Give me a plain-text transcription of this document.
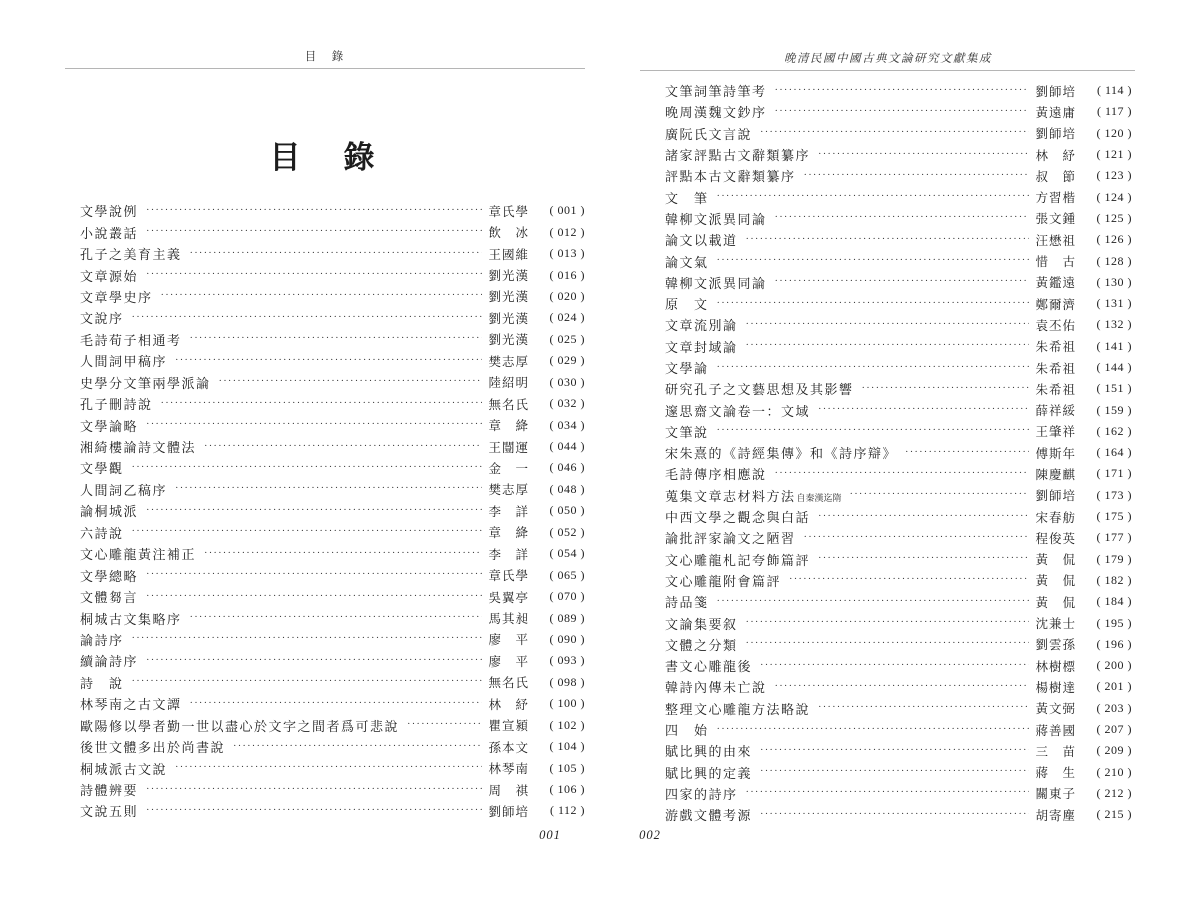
目　錄
目　錄
文學說例 ·····	章氏學	( 001 )
小說叢話 ·····	飲　冰	( 012 )
孔子之美育主義 ·····	王國維	( 013 )
文章源始 ·····	劉光漢	( 016 )
文章學史序 ·····	劉光漢	( 020 )
文說序 ·····	劉光漢	( 024 )
毛詩荀子相通考 ·····	劉光漢	( 025 )
人間詞甲稿序 ·····	樊志厚	( 029 )
史學分文筆兩學派論 ·····	陸紹明	( 030 )
孔子刪詩說 ·····	無名氏	( 032 )
文學論略 ·····	章　絳	( 034 )
湘綺樓論詩文體法 ·····	王闓運	( 044 )
文學觀 ·····	金　一	( 046 )
人間詞乙稿序 ·····	樊志厚	( 048 )
論桐城派 ·····	李　詳	( 050 )
六詩說 ·····	章　絳	( 052 )
文心雕龍黃注補正 ·····	李　詳	( 054 )
文學總略 ·····	章氏學	( 065 )
文體芻言 ·····	吳翼亭	( 070 )
桐城古文集略序 ·····	馬其昶	( 089 )
論詩序 ·····	廖　平	( 090 )
續論詩序 ·····	廖　平	( 093 )
詩　說 ·····	無名氏	( 098 )
林琴南之古文譚 ·····	林　紓	( 100 )
歐陽修以學者勤一世以盡心於文字之間者爲可悲說 ·····	瞿宣潁	( 102 )
後世文體多出於尚書說 ·····	孫本文	( 104 )
桐城派古文說 ·····	林琴南	( 105 )
詩體辨要 ·····	周　祺	( 106 )
文說五則 ·····	劉師培	( 112 )
001
晚清民國中國古典文論研究文獻集成
文筆詞筆詩筆考 ·····	劉師培	( 114 )
晚周漢魏文鈔序 ·····	黃遠庸	( 117 )
廣阮氏文言說 ·····	劉師培	( 120 )
諸家評點古文辭類纂序 ·····	林　紓	( 121 )
評點本古文辭類纂序 ·····	叔　節	( 123 )
文　筆 ·····	方習楷	( 124 )
韓柳文派異同論 ·····	張文鍾	( 125 )
論文以載道 ·····	汪懋祖	( 126 )
論文氣 ·····	惜　古	( 128 )
韓柳文派異同論 ·····	黃鑑遠	( 130 )
原　文 ·····	鄭爾濟	( 131 )
文章流別論 ·····	袁丕佑	( 132 )
文章封域論 ·····	朱希祖	( 141 )
文學論 ·····	朱希祖	( 144 )
研究孔子之文藝思想及其影響 ·····	朱希祖	( 151 )
邃思齋文論卷一：文域 ·····	薛祥綏	( 159 )
文筆說 ·····	王肇祥	( 162 )
宋朱熹的《詩經集傳》和《詩序辯》 ·····	傅斯年	( 164 )
毛詩傳序相應說 ·····	陳慶麒	( 171 )
蒐集文章志材料方法自秦漢迄隋 ·····	劉師培	( 173 )
中西文學之觀念與白話 ·····	宋春舫	( 175 )
論批評家論文之陋習 ·····	程俊英	( 177 )
文心雕龍札記夸飾篇評 ·····	黃　侃	( 179 )
文心雕龍附會篇評 ·····	黃　侃	( 182 )
詩品箋 ·····	黃　侃	( 184 )
文論集要叙 ·····	沈兼士	( 195 )
文體之分類 ·····	劉雲孫	( 196 )
書文心雕龍後 ·····	林樹標	( 200 )
韓詩內傳未亡說 ·····	楊樹達	( 201 )
整理文心雕龍方法略說 ·····	黃文弼	( 203 )
四　始 ·····	蔣善國	( 207 )
賦比興的由來 ·····	三　苗	( 209 )
賦比興的定義 ·····	蔣　生	( 210 )
四家的詩序 ·····	關東子	( 212 )
游戲文體考源 ·····	胡寄塵	( 215 )
002
